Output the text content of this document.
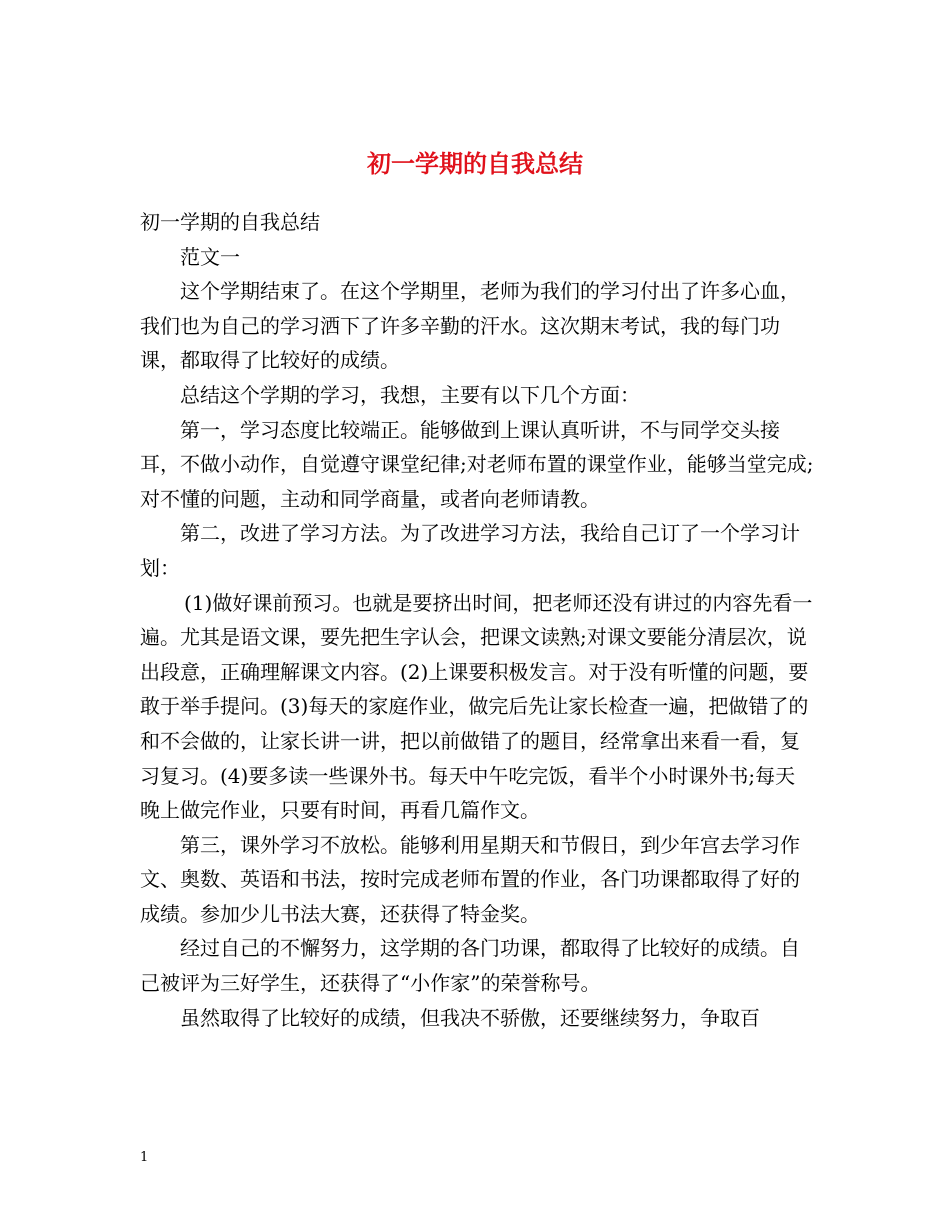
初一学期的自我总结

初一学期的自我总结

范文一

这个学期结束了。在这个学期里，老师为我们的学习付出了许多心血，我们也为自己的学习洒下了许多辛勤的汗水。这次期末考试，我的每门功课，都取得了比较好的成绩。

总结这个学期的学习，我想，主要有以下几个方面：

第一，学习态度比较端正。能够做到上课认真听讲，不与同学交头接耳，不做小动作，自觉遵守课堂纪律;对老师布置的课堂作业，能够当堂完成;对不懂的问题，主动和同学商量，或者向老师请教。

第二，改进了学习方法。为了改进学习方法，我给自己订了一个学习计划：

(1)做好课前预习。也就是要挤出时间，把老师还没有讲过的内容先看一遍。尤其是语文课，要先把生字认会，把课文读熟;对课文要能分清层次，说出段意，正确理解课文内容。(2)上课要积极发言。对于没有听懂的问题，要敢于举手提问。(3)每天的家庭作业，做完后先让家长检查一遍，把做错了的和不会做的，让家长讲一讲，把以前做错了的题目，经常拿出来看一看，复习复习。(4)要多读一些课外书。每天中午吃完饭，看半个小时课外书;每天晚上做完作业，只要有时间，再看几篇作文。

第三，课外学习不放松。能够利用星期天和节假日，到少年宫去学习作文、奥数、英语和书法，按时完成老师布置的作业，各门功课都取得了好的成绩。参加少儿书法大赛，还获得了特金奖。

经过自己的不懈努力，这学期的各门功课，都取得了比较好的成绩。自己被评为三好学生，还获得了“小作家”的荣誉称号。

虽然取得了比较好的成绩，但我决不骄傲，还要继续努力，争取百

1
